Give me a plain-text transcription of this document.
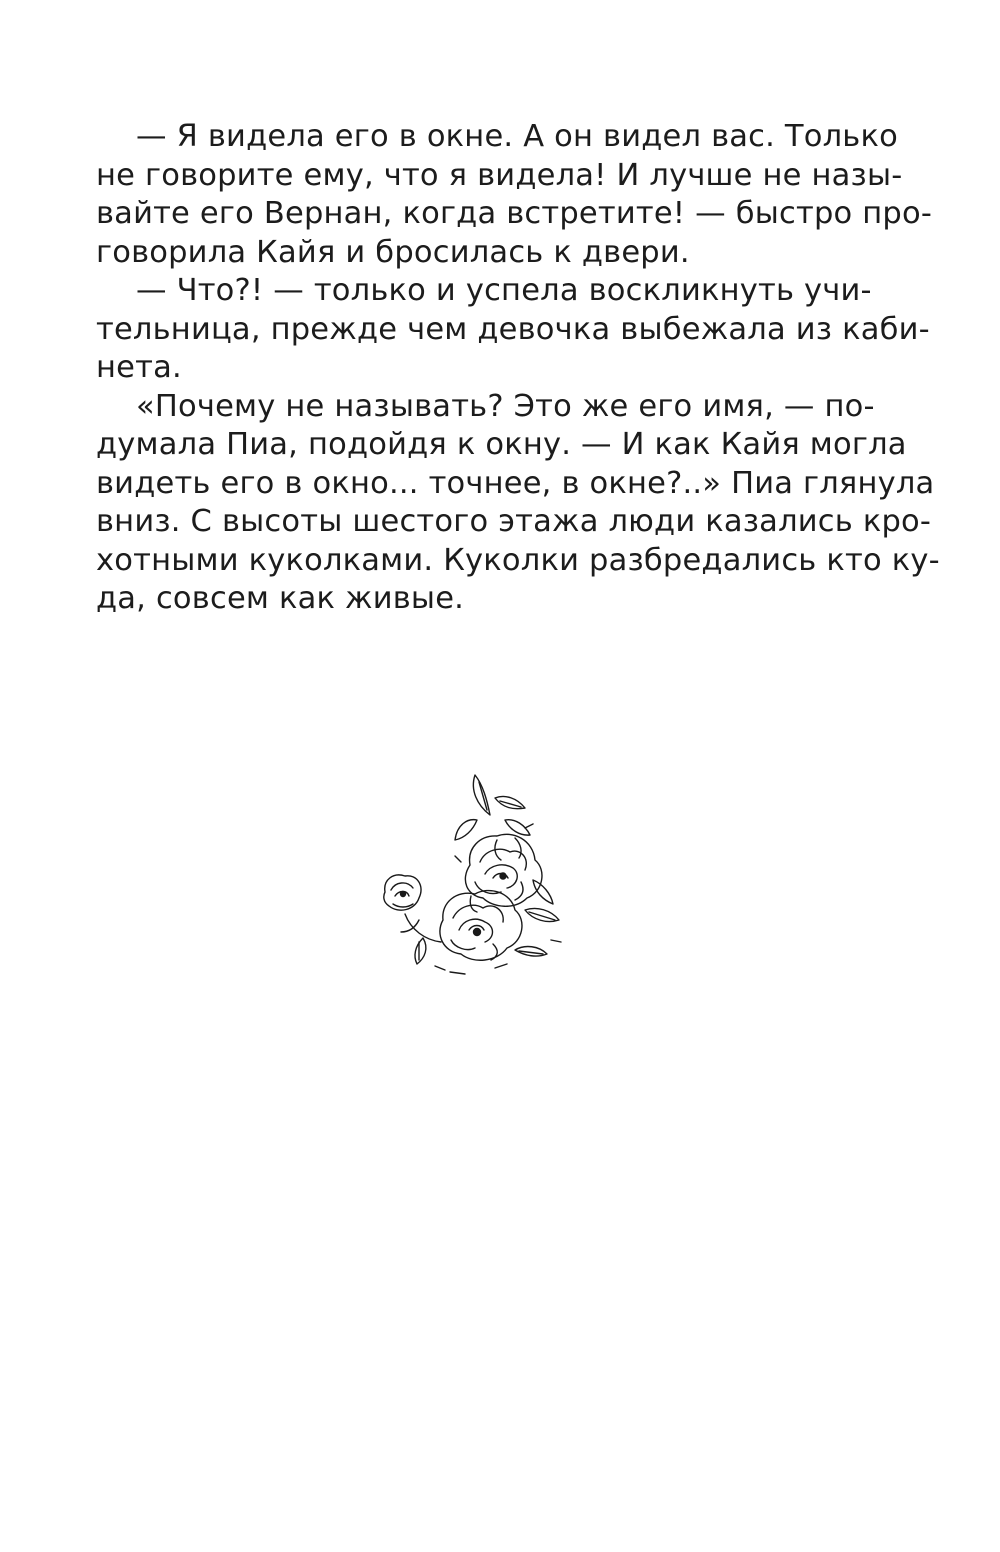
— Я видела его в окне. А он видел вас. Только
не говорите ему, что я видела! И лучше не назы-
вайте его Вернан, когда встретите! — быстро про-
говорила Кайя и бросилась к двери.
— Что?! — только и успела воскликнуть учи-
тельница, прежде чем девочка выбежала из каби-
нета.
«Почему не называть? Это же его имя, — по-
думала Пиа, подойдя к окну. — И как Кайя могла
видеть его в окно... точнее, в окне?..» Пиа глянула
вниз. С высоты шестого этажа люди казались кро-
хотными куколками. Куколки разбредались кто ку-
да, совсем как живые.
